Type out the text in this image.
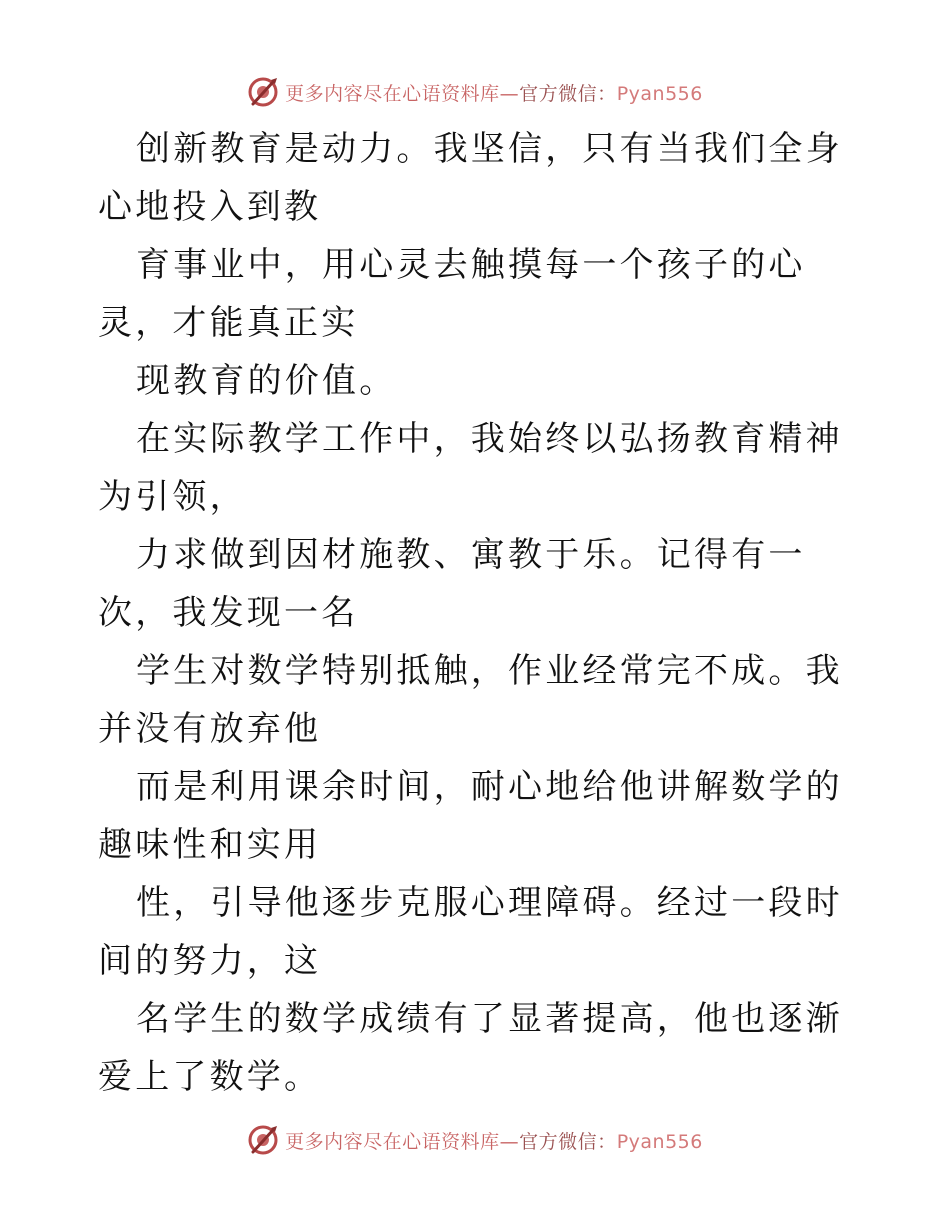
更多内容尽在心语资料库—官方微信：Pyan556

创新教育是动力。我坚信，只有当我们全身心地投入到教

育事业中，用心灵去触摸每一个孩子的心灵，才能真正实

现教育的价值。

在实际教学工作中，我始终以弘扬教育精神为引领，

力求做到因材施教、寓教于乐。记得有一次，我发现一名

学生对数学特别抵触，作业经常完不成。我并没有放弃他

而是利用课余时间，耐心地给他讲解数学的趣味性和实用

性，引导他逐步克服心理障碍。经过一段时间的努力，这

名学生的数学成绩有了显著提高，他也逐渐爱上了数学。

更多内容尽在心语资料库—官方微信：Pyan556
